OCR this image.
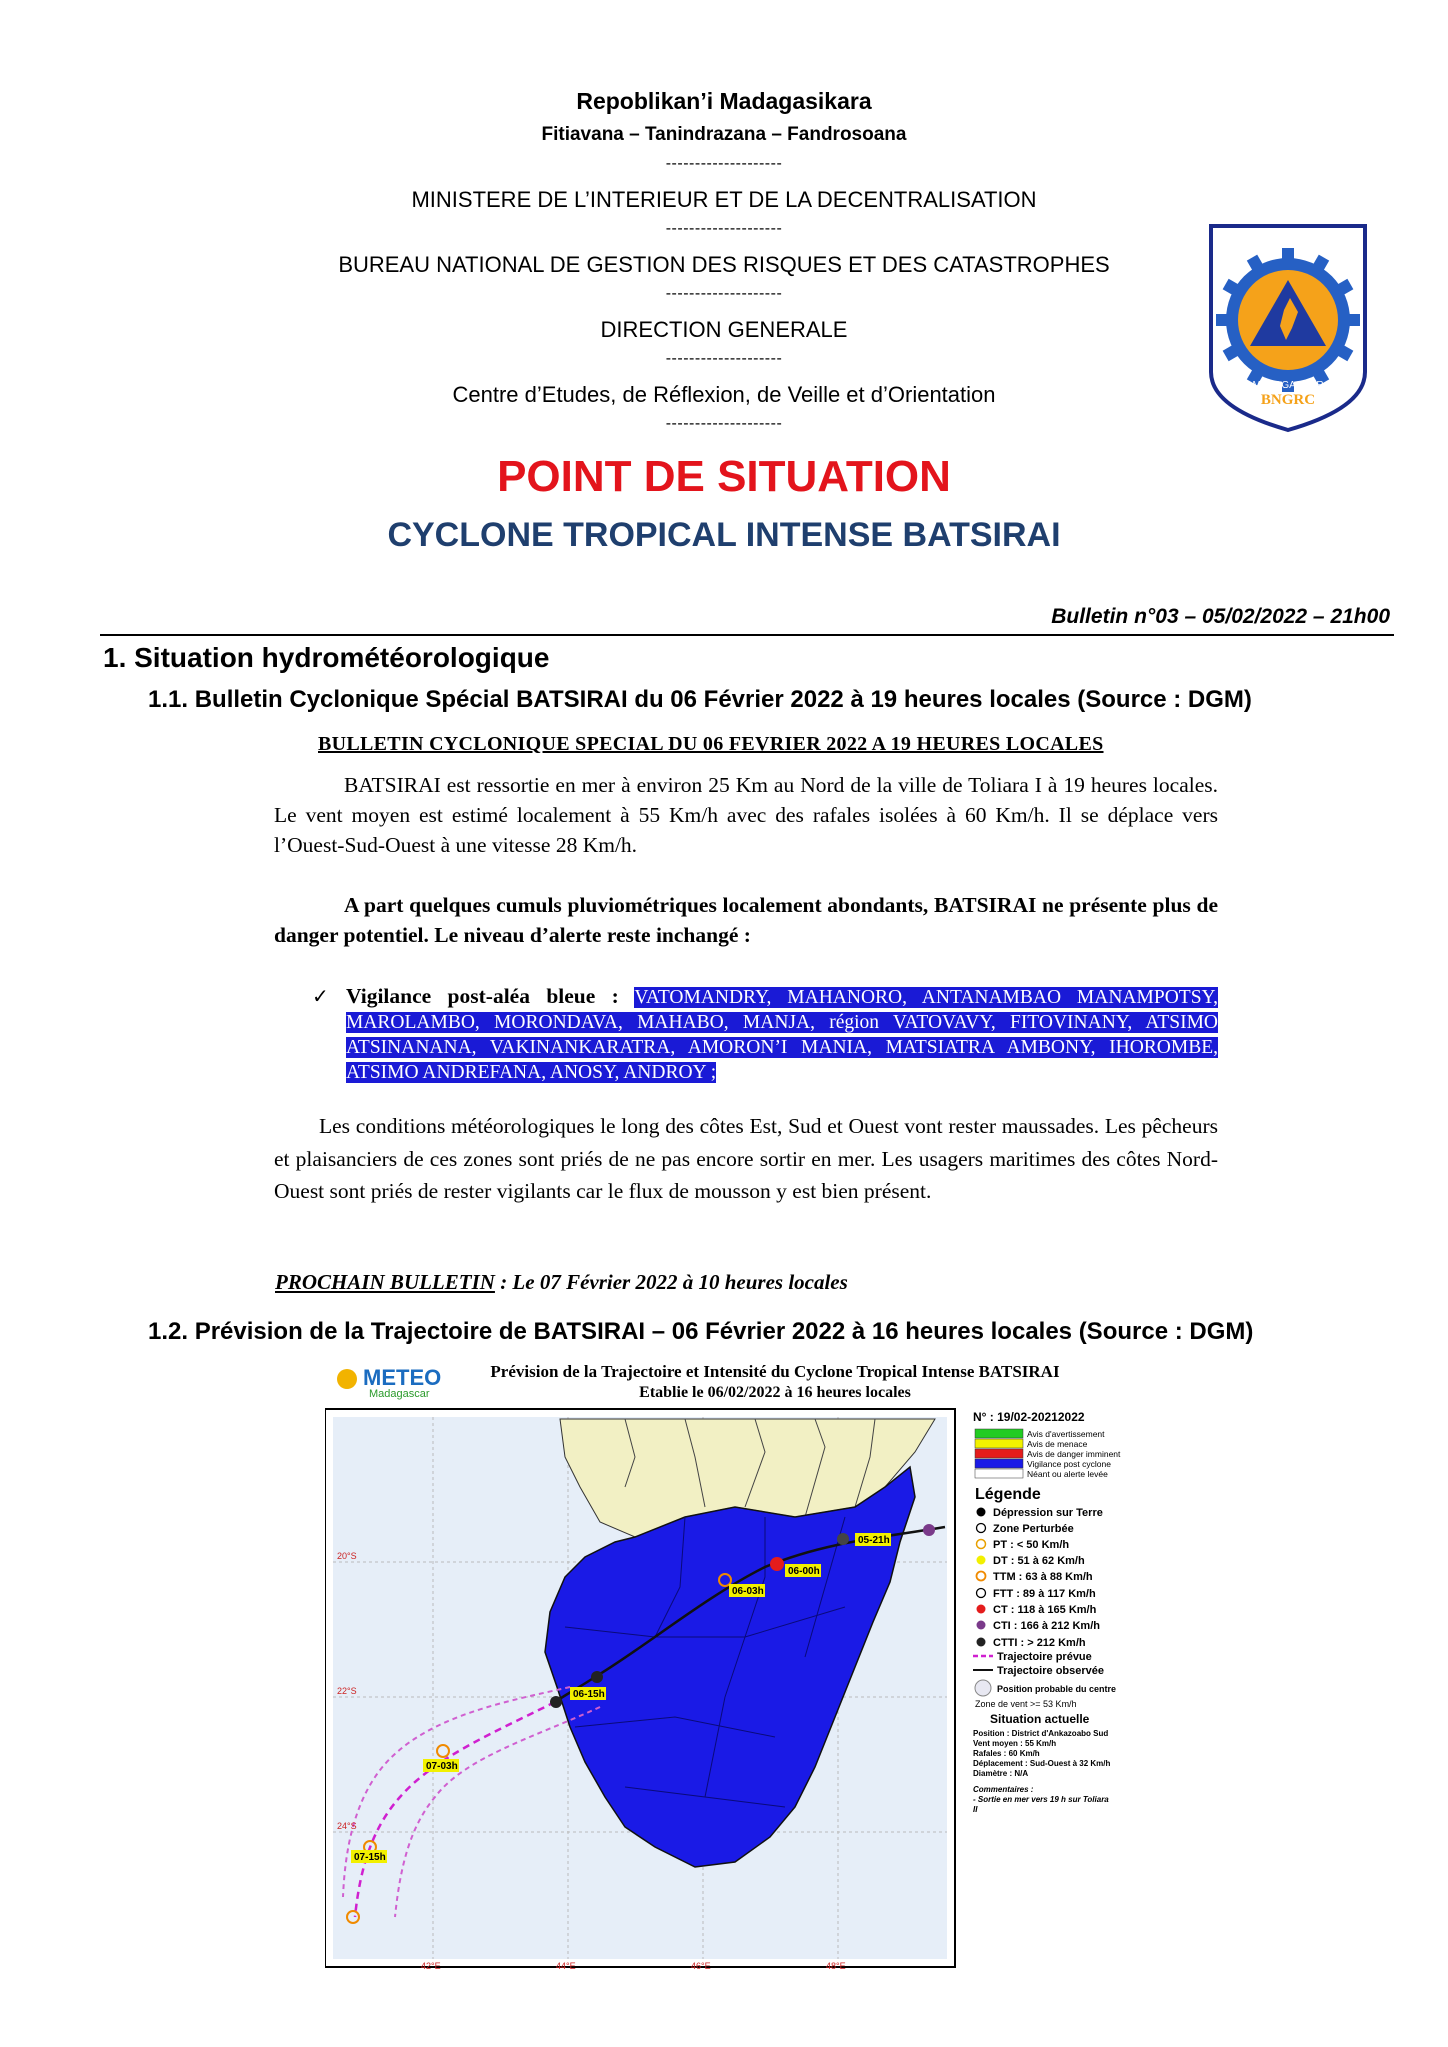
Repoblikan’i Madagasikara
Fitiavana – Tanindrazana – Fandrosoana
--------------------
MINISTERE DE L’INTERIEUR ET DE LA DECENTRALISATION
--------------------
BUREAU NATIONAL DE GESTION DES RISQUES ET DES CATASTROPHES
--------------------
DIRECTION GENERALE
--------------------
Centre d’Etudes, de Réflexion, de Veille et d’Orientation
--------------------
MADAGASCAR
BNGRC
POINT DE SITUATION
CYCLONE TROPICAL INTENSE BATSIRAI
Bulletin n°03 – 05/02/2022 – 21h00
1. Situation hydrométéorologique
1.1. Bulletin Cyclonique Spécial BATSIRAI du 06 Février 2022 à 19 heures locales (Source : DGM)
BULLETIN CYCLONIQUE SPECIAL DU 06 FEVRIER 2022 A 19 HEURES LOCALES
BATSIRAI est ressortie en mer à environ 25 Km au Nord de la ville de Toliara I à 19 heures locales. Le vent moyen est estimé localement à 55 Km/h avec des rafales isolées à 60 Km/h. Il se déplace vers l’Ouest-Sud-Ouest à une vitesse 28 Km/h.
A part quelques cumuls pluviométriques localement abondants, BATSIRAI ne présente plus de danger potentiel. Le niveau d’alerte reste inchangé :
✓ Vigilance post-aléa bleue : VATOMANDRY, MAHANORO, ANTANAMBAO MANAMPOTSY, MAROLAMBO, MORONDAVA, MAHABO, MANJA, région VATOVAVY, FITOVINANY, ATSIMO ATSINANANA, VAKINANKARATRA, AMORON’I MANIA, MATSIATRA AMBONY, IHOROMBE, ATSIMO ANDREFANA, ANOSY, ANDROY ;
Les conditions météorologiques le long des côtes Est, Sud et Ouest vont rester maussades. Les pêcheurs et plaisanciers de ces zones sont priés de ne pas encore sortir en mer. Les usagers maritimes des côtes Nord-Ouest sont priés de rester vigilants car le flux de mousson y est bien présent.
PROCHAIN BULLETIN : Le 07 Février 2022 à 10 heures locales
1.2. Prévision de la Trajectoire de BATSIRAI – 06 Février 2022 à 16 heures locales (Source : DGM)
METEO
Madagascar
Prévision de la Trajectoire et Intensité du Cyclone Tropical Intense BATSIRAI
Etablie le 06/02/2022 à 16 heures locales
05-21h
06-00h
06-03h
06-15h
07-03h
07-15h
20°S
22°S
24°S
42°E	44°E	46°E	48°E
N° : 19/02-20212022
Avis d'avertissement
Avis de menace
Avis de danger imminent
Vigilance post cyclone
Néant ou alerte levée
Légende
Dépression sur Terre
Zone Perturbée
PT : < 50 Km/h
DT : 51 à 62 Km/h
TTM : 63 à 88 Km/h
FTT : 89 à 117 Km/h
CT : 118 à 165 Km/h
CTI : 166 à 212 Km/h
CTTI : > 212 Km/h
Trajectoire prévue
Trajectoire observée
Position probable du centre
Zone de vent >= 53 Km/h
Situation actuelle
Position : District d'Ankazoabo Sud
Vent moyen : 55 Km/h
Rafales : 60 Km/h
Déplacement : Sud-Ouest à 32 Km/h
Diamètre : N/A
Commentaires :
- Sortie en mer vers 19 h sur Toliara
II
